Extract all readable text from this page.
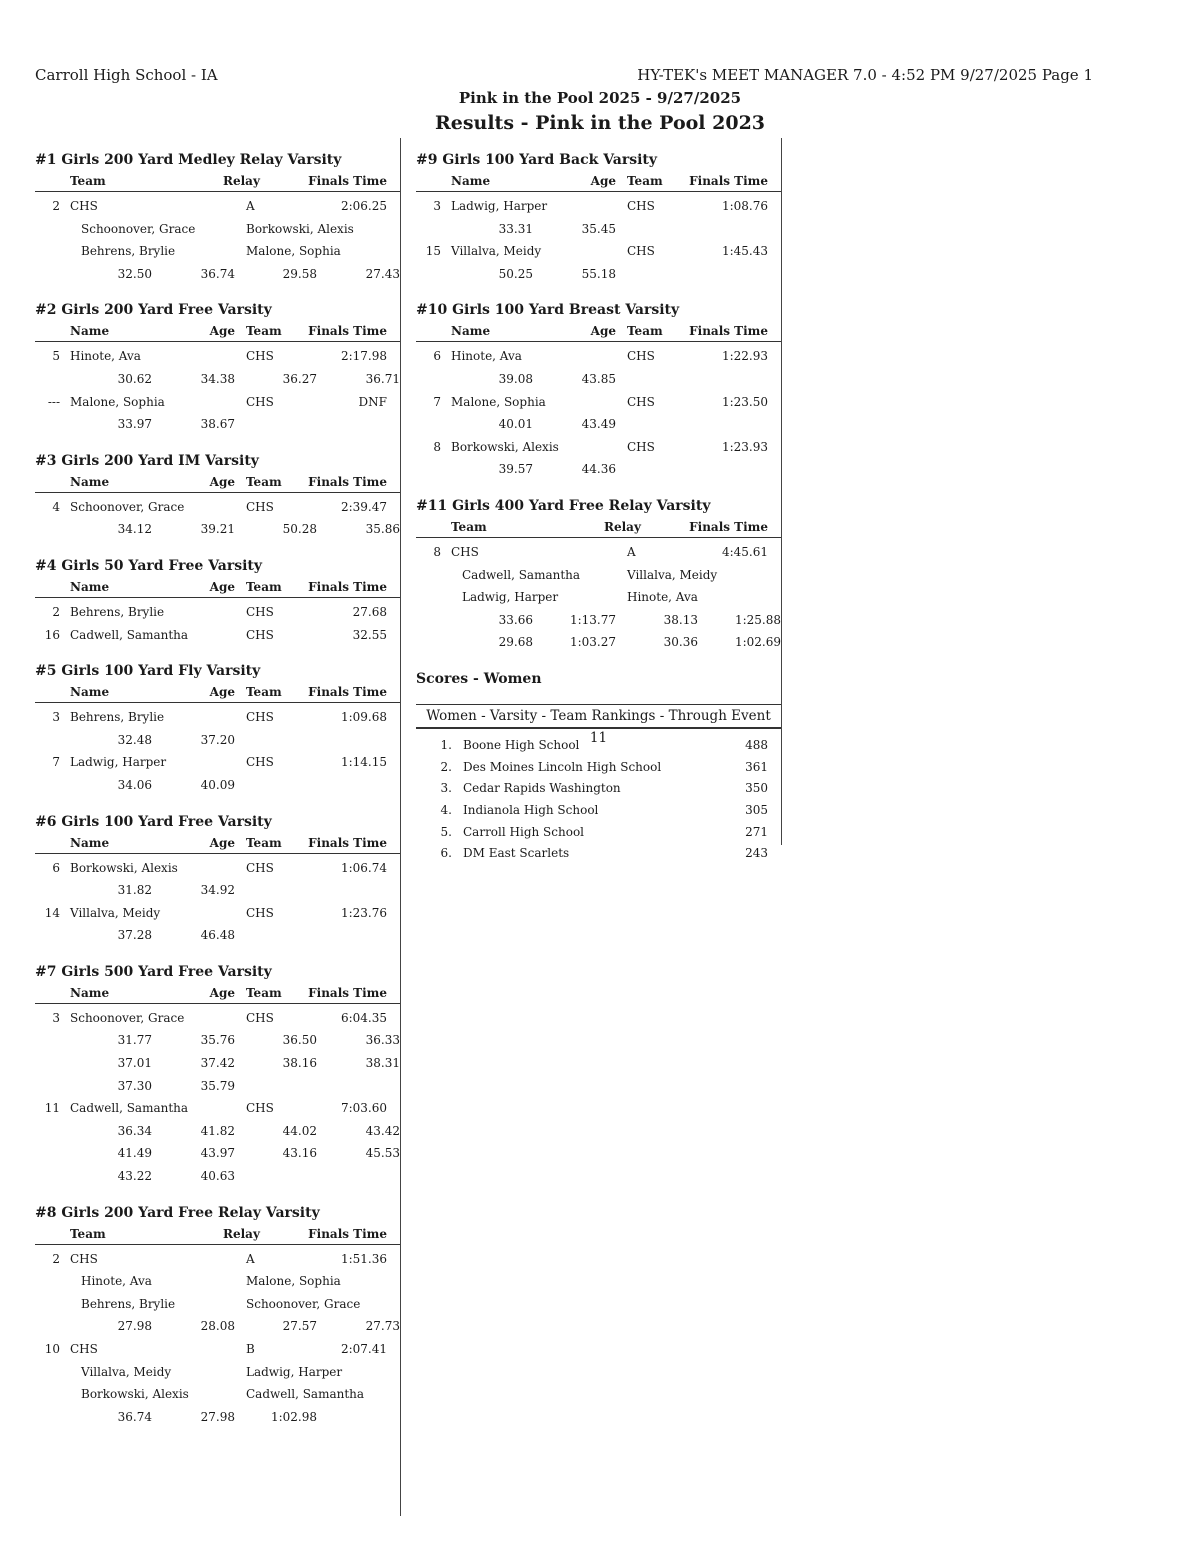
Carroll High School - IA	HY-TEK's MEET MANAGER 7.0 - 4:52 PM 9/27/2025 Page 1
Pink in the Pool 2025 - 9/27/2025
Results - Pink in the Pool 2023
#1 Girls 200 Yard Medley Relay Varsity
Team	Relay	Finals Time
2 CHS	A	2:06.25
Schoonover, Grace	Borkowski, Alexis
Behrens, Brylie	Malone, Sophia
32.50	36.74	29.58	27.43
#2 Girls 200 Yard Free Varsity
Name	Age Team Finals Time
5 Hinote, Ava	CHS	2:17.98
30.62	34.38	36.27	36.71
--- Malone, Sophia	CHS	DNF
33.97	38.67
#3 Girls 200 Yard IM Varsity
Name	Age Team Finals Time
4 Schoonover, Grace	CHS	2:39.47
34.12	39.21	50.28	35.86
#4 Girls 50 Yard Free Varsity
Name	Age Team Finals Time
2 Behrens, Brylie	CHS	27.68
16 Cadwell, Samantha	CHS	32.55
#5 Girls 100 Yard Fly Varsity
Name	Age Team Finals Time
3 Behrens, Brylie	CHS	1:09.68
32.48	37.20
7 Ladwig, Harper	CHS	1:14.15
34.06	40.09
#6 Girls 100 Yard Free Varsity
Name	Age Team Finals Time
6 Borkowski, Alexis	CHS	1:06.74
31.82	34.92
14 Villalva, Meidy	CHS	1:23.76
37.28	46.48
#7 Girls 500 Yard Free Varsity
Name	Age Team Finals Time
3 Schoonover, Grace	CHS	6:04.35
31.77	35.76	36.50	36.33
37.01	37.42	38.16	38.31
37.30	35.79
11 Cadwell, Samantha	CHS	7:03.60
36.34	41.82	44.02	43.42
41.49	43.97	43.16	45.53
43.22	40.63
#8 Girls 200 Yard Free Relay Varsity
Team	Relay	Finals Time
2 CHS	A	1:51.36
Hinote, Ava	Malone, Sophia
Behrens, Brylie	Schoonover, Grace
27.98	28.08	27.57	27.73
10 CHS	B	2:07.41
Villalva, Meidy	Ladwig, Harper
Borkowski, Alexis	Cadwell, Samantha
36.74	27.98	1:02.98
#9 Girls 100 Yard Back Varsity
Name	Age Team Finals Time
3 Ladwig, Harper	CHS	1:08.76
33.31	35.45
15 Villalva, Meidy	CHS	1:45.43
50.25	55.18
#10 Girls 100 Yard Breast Varsity
Name	Age Team Finals Time
6 Hinote, Ava	CHS	1:22.93
39.08	43.85
7 Malone, Sophia	CHS	1:23.50
40.01	43.49
8 Borkowski, Alexis	CHS	1:23.93
39.57	44.36
#11 Girls 400 Yard Free Relay Varsity
Team	Relay	Finals Time
8 CHS	A	4:45.61
Cadwell, Samantha	Villalva, Meidy
Ladwig, Harper	Hinote, Ava
33.66	1:13.77	38.13	1:25.88
29.68	1:03.27	30.36	1:02.69
Scores - Women
Women - Varsity - Team Rankings - Through Event 11
1. Boone High School	488
2. Des Moines Lincoln High School	361
3. Cedar Rapids Washington	350
4. Indianola High School	305
5. Carroll High School	271
6. DM East Scarlets	243
